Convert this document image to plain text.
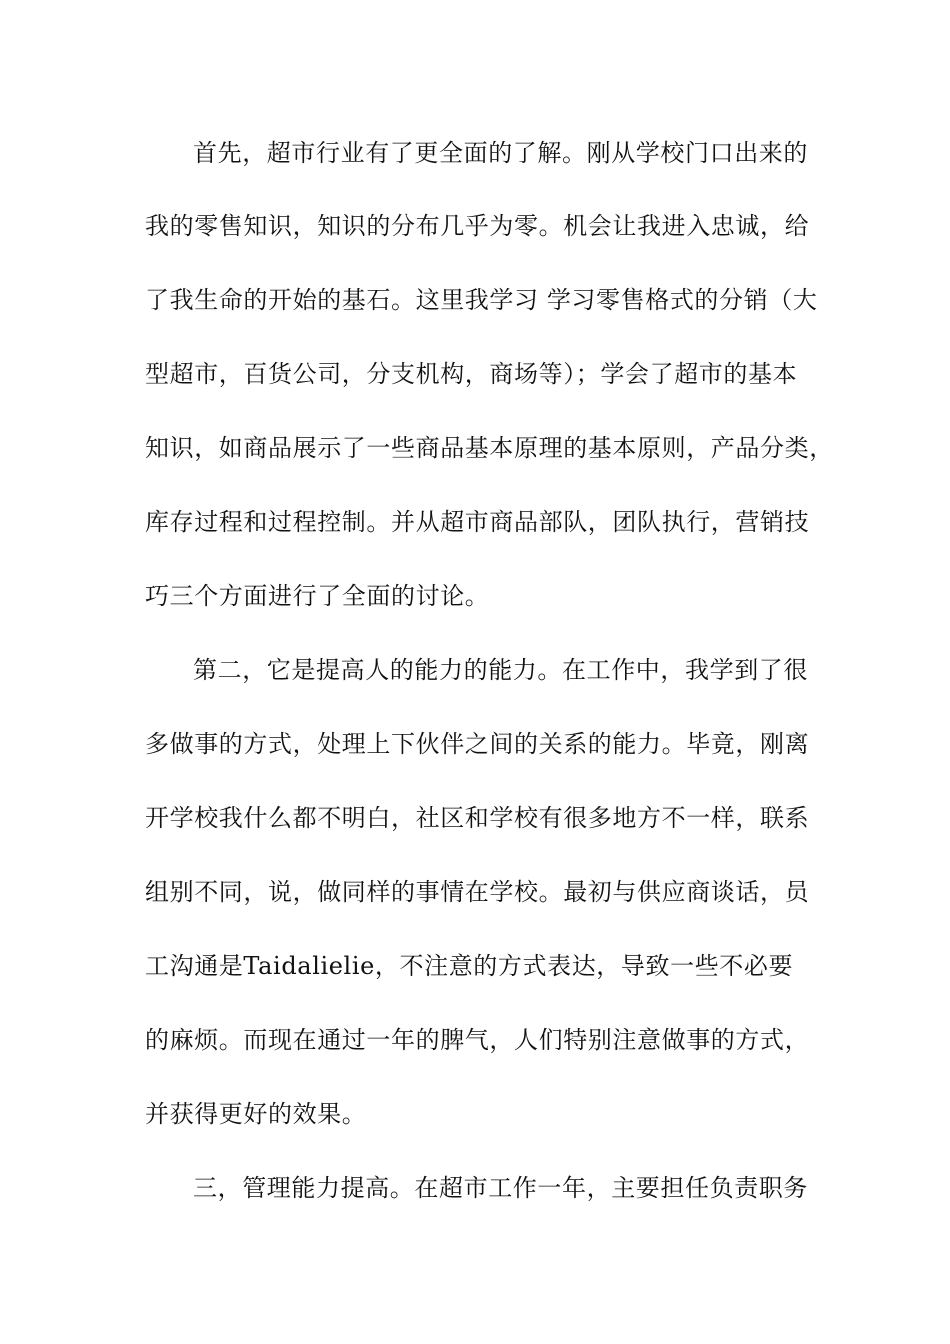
首先，超市行业有了更全面的了解。刚从学校门口出来的
我的零售知识，知识的分布几乎为零。机会让我进入忠诚，给
了我生命的开始的基石。这里我学习 学习零售格式的分销（大
型超市，百货公司，分支机构，商场等）；学会了超市的基本
知识，如商品展示了一些商品基本原理的基本原则，产品分类，
库存过程和过程控制。并从超市商品部队，团队执行，营销技
巧三个方面进行了全面的讨论。
第二，它是提高人的能力的能力。在工作中，我学到了很
多做事的方式，处理上下伙伴之间的关系的能力。毕竟，刚离
开学校我什么都不明白，社区和学校有很多地方不一样，联系
组别不同，说，做同样的事情在学校。最初与供应商谈话，员
工沟通是Taidalielie，不注意的方式表达，导致一些不必要
的麻烦。而现在通过一年的脾气，人们特别注意做事的方式，
并获得更好的效果。
三，管理能力提高。在超市工作一年，主要担任负责职务
